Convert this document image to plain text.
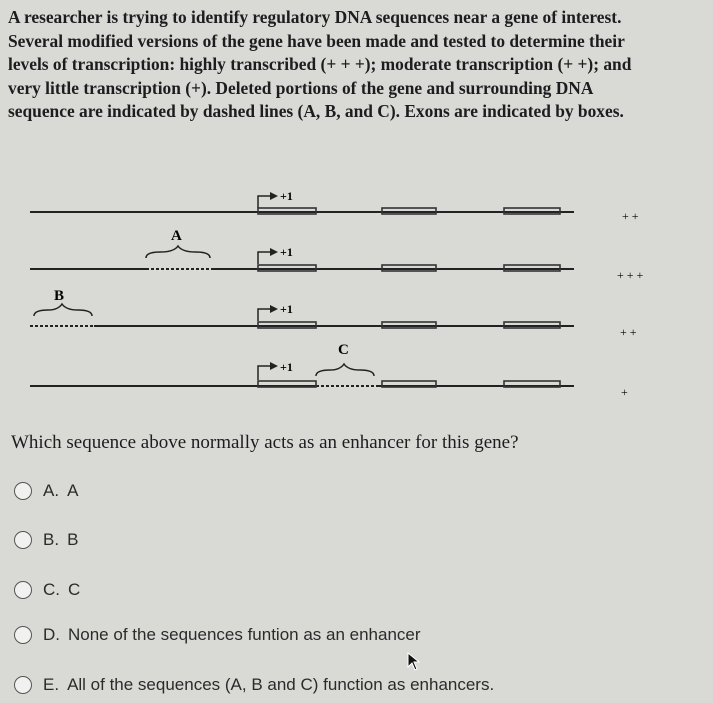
A researcher is trying to identify regulatory DNA sequences near a gene of interest.

Several modified versions of the gene have been made and tested to determine their

levels of transcription: highly transcribed (+ + +); moderate transcription (+ +); and

very little transcription (+). Deleted portions of the gene and surrounding DNA

sequence are indicated by dashed lines (A, B, and C). Exons are indicated by boxes.

+1
+ +
A
+1
+ + +
B
+1
+ +
C
+1
+
Which sequence above normally acts as an enhancer for this gene?
A. A
B. B
C. C
D. None of the sequences funtion as an enhancer
E. All of the sequences (A, B and C) function as enhancers.
